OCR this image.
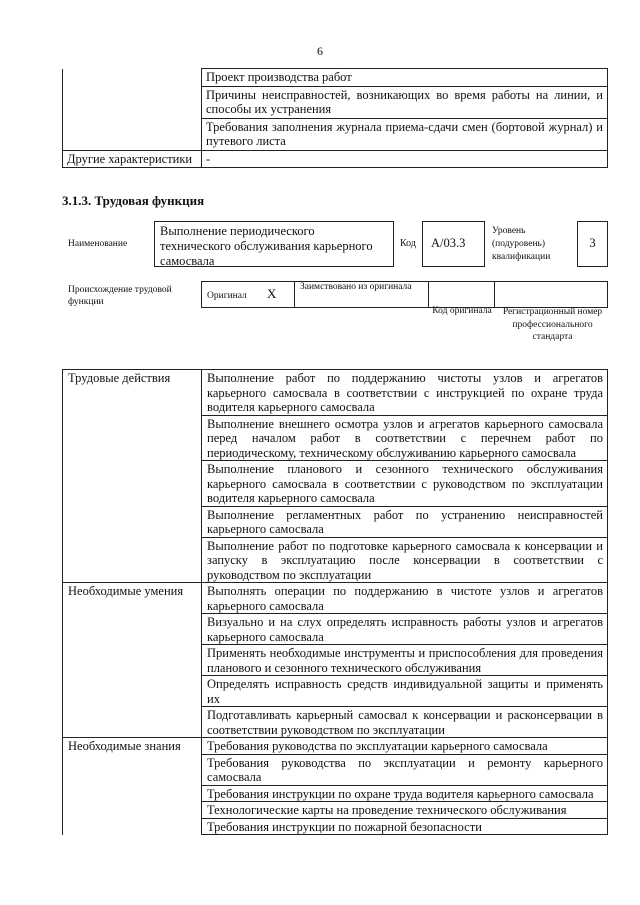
6
	Проект производства работ
	Причины неисправностей, возникающих во время работы на линии, и способы их устранения
	Требования заполнения журнала приема-сдачи смен (бортовой журнал) и путевого листа
Другие характеристики	-
3.1.3. Трудовая функция
Наименование
Выполнение периодического технического обслуживания карьерного самосвала
Код	А/03.3
Уровень (подуровень) квалификации
3
Происхождение трудовой функции
Оригинал X	Заимствовано из оригинала
Код оригинала	Регистрационный номер профессионального стандарта
Трудовые действия	Выполнение работ по поддержанию чистоты узлов и агрегатов карьерного самосвала в соответствии с инструкцией по охране труда водителя карьерного самосвала
	Выполнение внешнего осмотра узлов и агрегатов карьерного самосвала перед началом работ в соответствии с перечнем работ по периодическому, техническому обслуживанию карьерного самосвала
	Выполнение планового и сезонного технического обслуживания карьерного самосвала в соответствии с руководством по эксплуатации водителя карьерного самосвала
	Выполнение регламентных работ по устранению неисправностей карьерного самосвала
	Выполнение работ по подготовке карьерного самосвала к консервации и запуску в эксплуатацию после консервации в соответствии с руководством по эксплуатации
Необходимые умения	Выполнять операции по поддержанию в чистоте узлов и агрегатов карьерного самосвала
	Визуально и на слух определять исправность работы узлов и агрегатов карьерного самосвала
	Применять необходимые инструменты и приспособления для проведения планового и сезонного технического обслуживания
	Определять исправность средств индивидуальной защиты и применять их
	Подготавливать карьерный самосвал к консервации и расконсервации в соответствии руководством по эксплуатации
Необходимые знания	Требования руководства по эксплуатации карьерного самосвала
	Требования руководства по эксплуатации и ремонту карьерного самосвала
	Требования инструкции по охране труда водителя карьерного самосвала
	Технологические карты на проведение технического обслуживания
	Требования инструкции по пожарной безопасности
